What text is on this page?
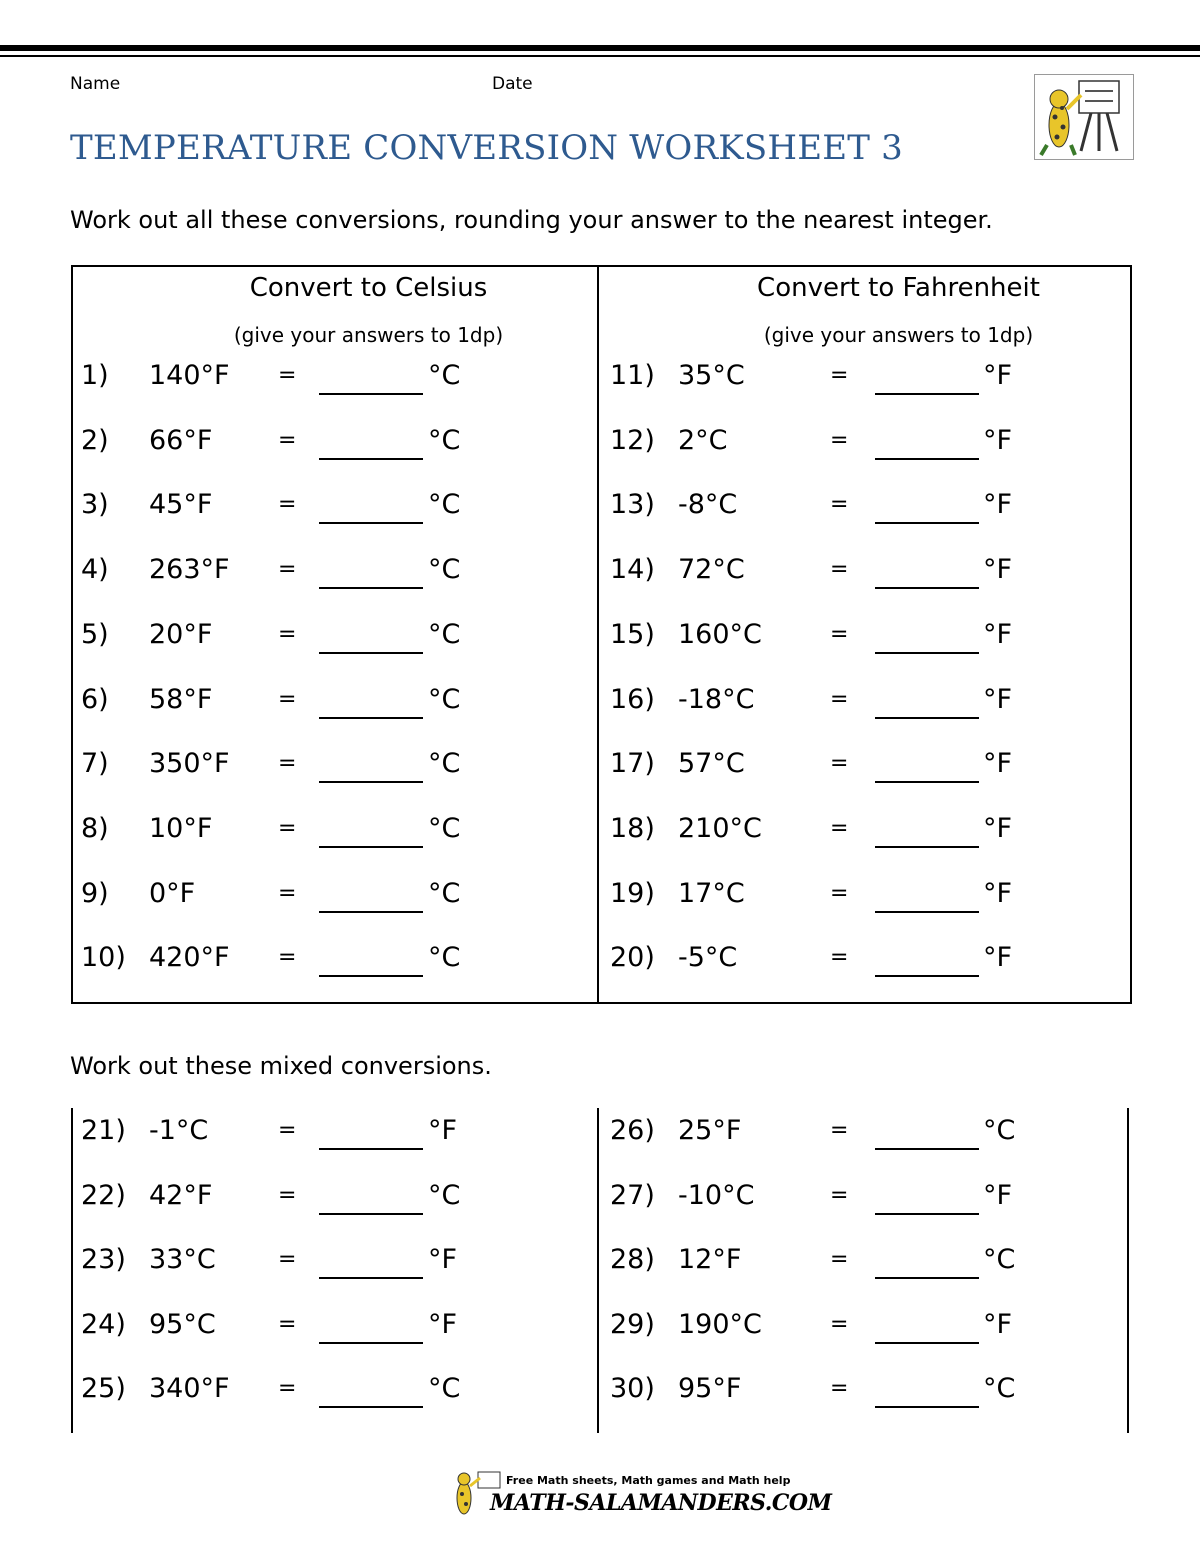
Name	Date
TEMPERATURE CONVERSION WORKSHEET 3
Work out all these conversions, rounding your answer to the nearest integer.
Convert to Celsius
(give your answers to 1dp)
Convert to Fahrenheit
(give your answers to 1dp)
1) 140°F =	°C
2) 66°F	=	°C
3) 45°F	=	°C
4) 263°F =	°C
5) 20°F	=	°C
6) 58°F	=	°C
7) 350°F =	°C
8) 10°F	=	°C
9) 0°F	=	°C
10) 420°F =	°C
11) 35°C	=	°F
12) 2°C	=	°F
13) -8°C	=	°F
14) 72°C	=	°F
15) 160°C	=	°F
16) -18°C	=	°F
17) 57°C	=	°F
18) 210°C	=	°F
19) 17°C	=	°F
20) -5°C	=	°F
Work out these mixed conversions.
21) -1°C	=	°F
22) 42°F	=	°C
23) 33°C	=	°F
24) 95°C	=	°F
25) 340°F =	°C
26) 25°F	=	°C
27) -10°C	=	°F
28) 12°F	=	°C
29) 190°C	=	°F
30) 95°F	=	°C
Free Math sheets, Math games and Math help
MATH-SALAMANDERS.COM
